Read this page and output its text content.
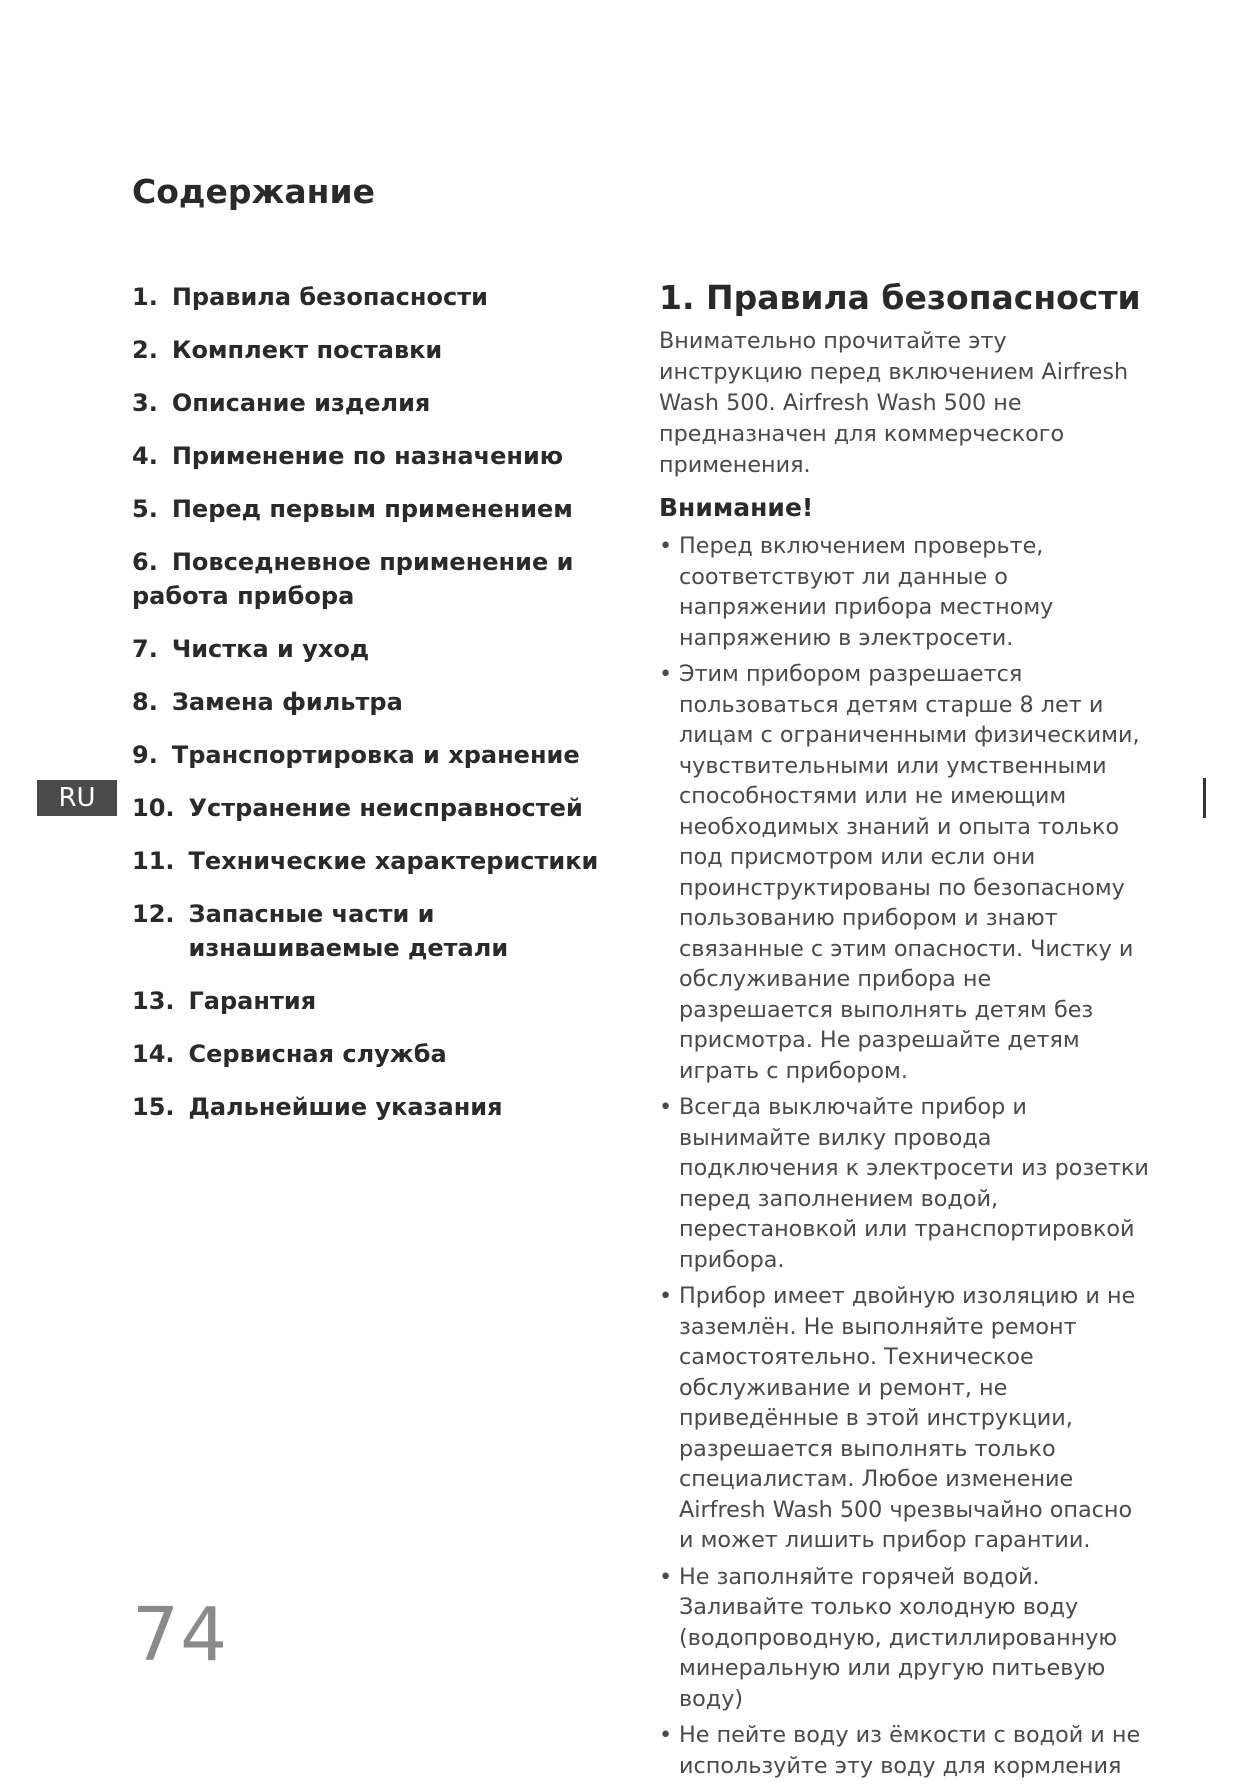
Содержание
1. Правила безопасности
2. Комплект поставки
3. Описание изделия
4. Применение по назначению
5. Перед первым применением
6. Повседневное применение и работа прибора
7. Чистка и уход
8. Замена фильтра
9. Транспортировка и хранение
10. Устранение неисправностей
11. Технические характеристики
12. Запасные части и изнашиваемые детали
13. Гарантия
14. Сервисная служба
15. Дальнейшие указания
RU
1. Правила безопасности

Внимательно прочитайте эту инструкцию перед включением Airfresh Wash 500. Airfresh Wash 500 не предназначен для коммерческого применения.

Внимание!
• Перед включением проверьте, соответствуют ли данные о напряжении прибора местному напряжению в электросети.
• Этим прибором разрешается пользоваться детям старше 8 лет и лицам с ограниченными физическими, чувствительными или умственными способностями или не имеющим необходимых знаний и опыта только под присмотром или если они проинструктированы по безопасному пользованию прибором и знают связанные с этим опасности. Чистку и обслуживание прибора не разрешается выполнять детям без присмотра. Не разрешайте детям играть с прибором.
• Всегда выключайте прибор и вынимайте вилку провода подключения к электросети из розетки перед заполнением водой, перестановкой или транспортировкой прибора.
• Прибор имеет двойную изоляцию и не заземлён. Не выполняйте ремонт самостоятельно. Техническое обслуживание и ремонт, не приведённые в этой инструкции, разрешается выполнять только специалистам. Любое изменение Airfresh Wash 500 чрезвычайно опасно и может лишить прибор гарантии.
• Не заполняйте горячей водой. Заливайте только холодную воду (водопроводную, дистиллированную минеральную или другую питьевую воду)
• Не пейте воду из ёмкости с водой и не используйте эту воду для кормления
74
